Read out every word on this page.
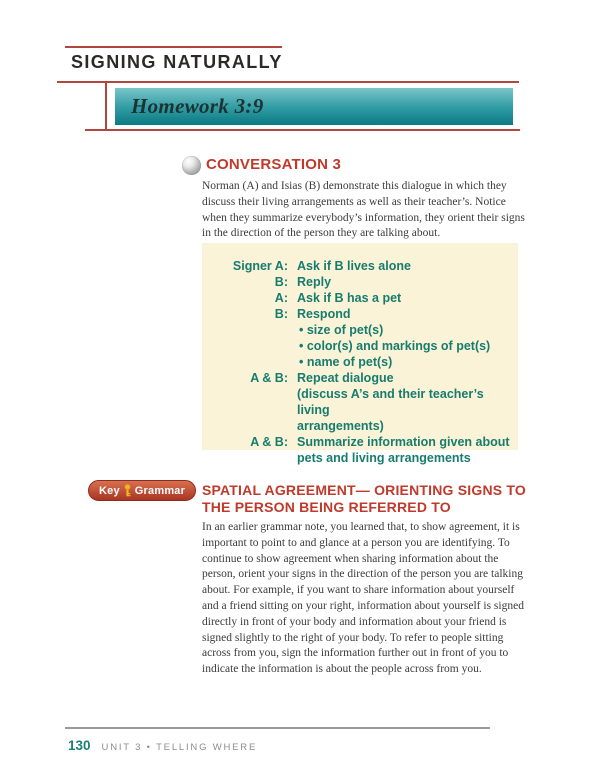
SIGNING NATURALLY
Homework 3:9
CONVERSATION 3

Norman (A) and Isias (B) demonstrate this dialogue in which they discuss their living arrangements as well as their teacher’s. Notice when they summarize everybody’s information, they orient their signs in the direction of the person they are talking about.

Signer A: Ask if B lives alone
B: Reply
A: Ask if B has a pet
B: Respond
• size of pet(s)
• color(s) and markings of pet(s)
• name of pet(s)
A & B: Repeat dialogue
(discuss A’s and their teacher’s living
arrangements)
A & B: Summarize information given about
pets and living arrangements
Key Grammar SPATIAL AGREEMENT— ORIENTING SIGNS TO THE PERSON BEING REFERRED TO

In an earlier grammar note, you learned that, to show agreement, it is important to point to and glance at a person you are identifying. To continue to show agreement when sharing information about the person, orient your signs in the direction of the person you are talking about. For example, if you want to share information about yourself and a friend sitting on your right, information about yourself is signed directly in front of your body and information about your friend is signed slightly to the right of your body. To refer to people sitting across from you, sign the information further out in front of you to indicate the information is about the people across from you.

130 UNIT 3 • TELLING WHERE
